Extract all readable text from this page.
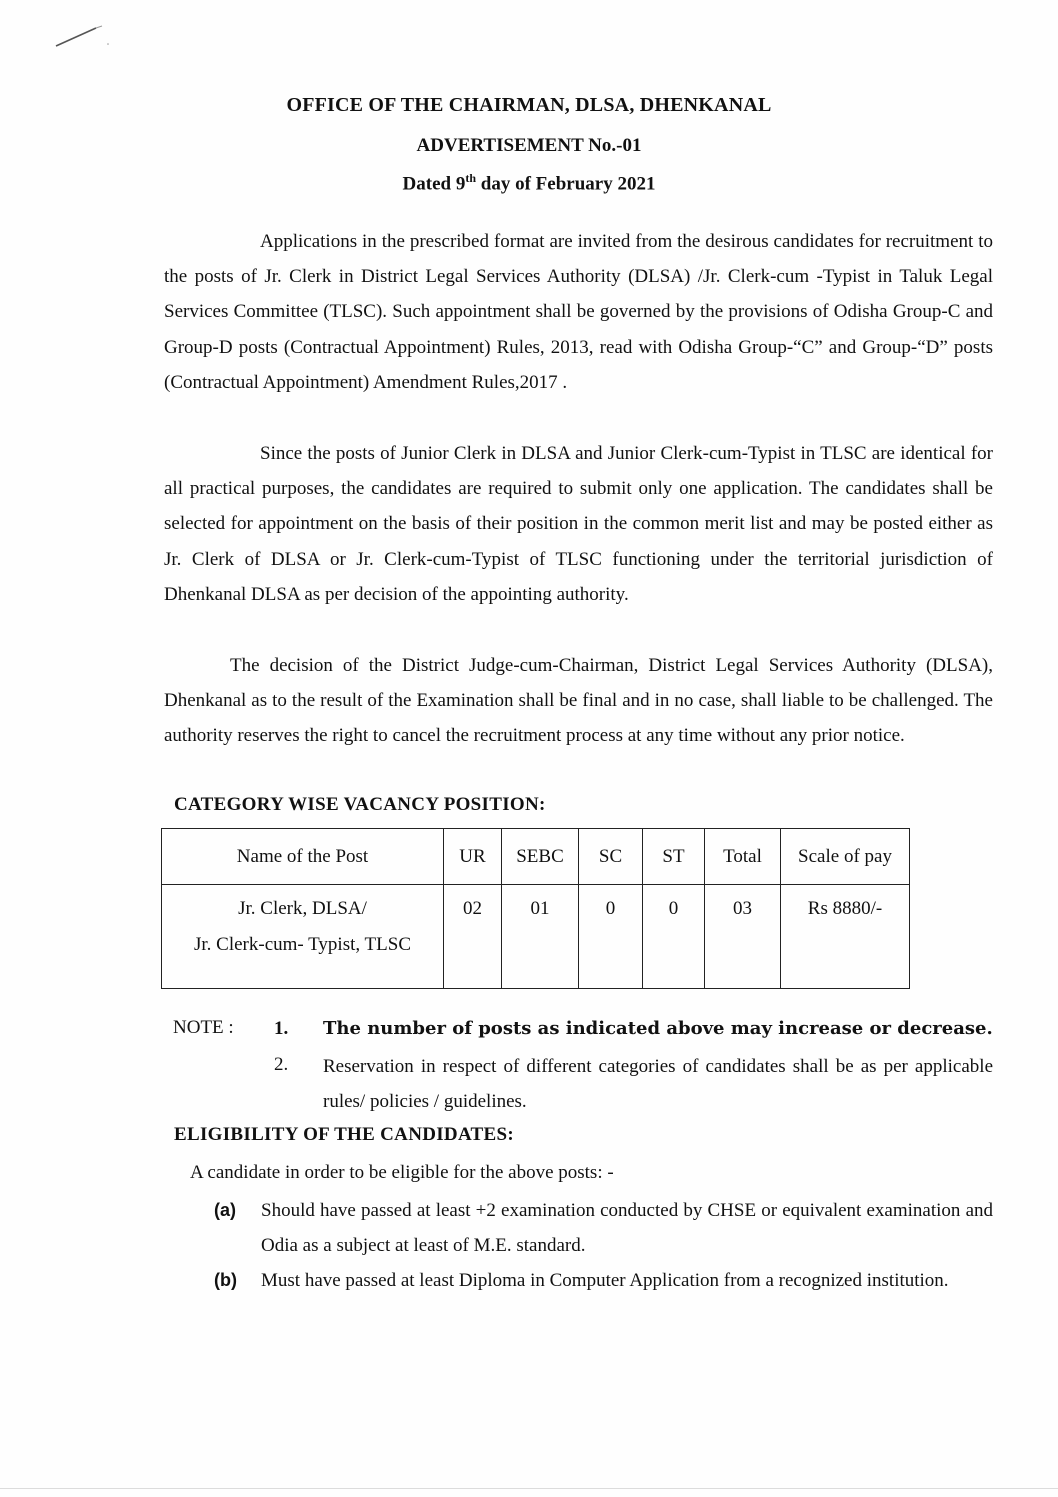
OFFICE OF THE CHAIRMAN, DLSA, DHENKANAL
ADVERTISEMENT No.-01
Dated 9th day of February 2021

Applications in the prescribed format are invited from the desirous candidates for recruitment to the posts of Jr. Clerk in District Legal Services Authority (DLSA) /Jr. Clerk-cum -Typist in Taluk Legal Services Committee (TLSC). Such appointment shall be governed by the provisions of Odisha Group-C and Group-D posts (Contractual Appointment) Rules, 2013, read with Odisha Group-“C” and Group-“D” posts (Contractual Appointment) Amendment Rules,2017 .

Since the posts of Junior Clerk in DLSA and Junior Clerk-cum-Typist in TLSC are identical for all practical purposes, the candidates are required to submit only one application. The candidates shall be selected for appointment on the basis of their position in the common merit list and may be posted either as Jr. Clerk of DLSA or Jr. Clerk-cum-Typist of TLSC functioning under the territorial jurisdiction of Dhenkanal DLSA as per decision of the appointing authority.

The decision of the District Judge-cum-Chairman, District Legal Services Authority (DLSA), Dhenkanal as to the result of the Examination shall be final and in no case, shall liable to be challenged. The authority reserves the right to cancel the recruitment process at any time without any prior notice.

CATEGORY WISE VACANCY POSITION:
Name of the Post	UR	SEBC	SC	ST	Total	Scale of pay
Jr. Clerk, DLSA/
Jr. Clerk-cum- Typist, TLSC	02	01	0	0	03	Rs 8880/-
NOTE : 1. The number of posts as indicated above may increase or decrease.

2. Reservation in respect of different categories of candidates shall be as per applicable rules/ policies / guidelines.

ELIGIBILITY OF THE CANDIDATES:
A candidate in order to be eligible for the above posts: -
(a) Should have passed at least +2 examination conducted by CHSE or equivalent examination and Odia as a subject at least of M.E. standard.

(b) Must have passed at least Diploma in Computer Application from a recognized institution.
